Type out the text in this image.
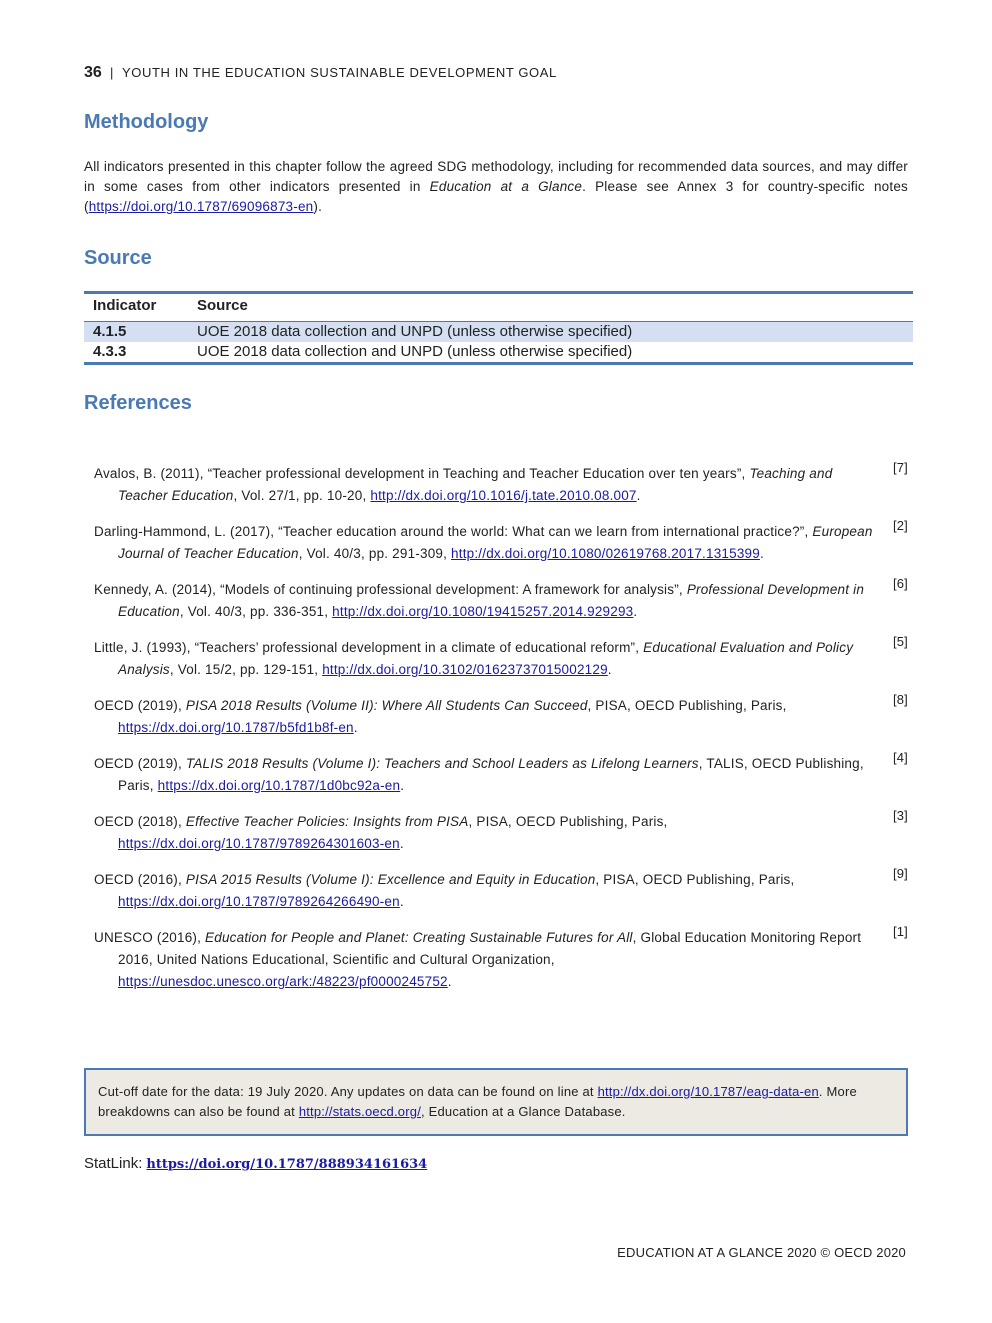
36 | YOUTH IN THE EDUCATION SUSTAINABLE DEVELOPMENT GOAL
Methodology
All indicators presented in this chapter follow the agreed SDG methodology, including for recommended data sources, and may differ in some cases from other indicators presented in Education at a Glance. Please see Annex 3 for country-specific notes (https://doi.org/10.1787/69096873-en).
Source
Indicator	Source
4.1.5	UOE 2018 data collection and UNPD (unless otherwise specified)
4.3.3	UOE 2018 data collection and UNPD (unless otherwise specified)
References
Avalos, B. (2011), “Teacher professional development in Teaching and Teacher Education over ten years”, Teaching and Teacher Education, Vol. 27/1, pp. 10-20, http://dx.doi.org/10.1016/j.tate.2010.08.007.
[7]
Darling-Hammond, L. (2017), “Teacher education around the world: What can we learn from international practice?”, European Journal of Teacher Education, Vol. 40/3, pp. 291-309, http://dx.doi.org/10.1080/02619768.2017.1315399.
[2]
Kennedy, A. (2014), “Models of continuing professional development: A framework for analysis”, Professional Development in Education, Vol. 40/3, pp. 336-351, http://dx.doi.org/10.1080/19415257.2014.929293.
[6]
Little, J. (1993), “Teachers’ professional development in a climate of educational reform”, Educational Evaluation and Policy Analysis, Vol. 15/2, pp. 129-151, http://dx.doi.org/10.3102/01623737015002129.
[5]
OECD (2019), PISA 2018 Results (Volume II): Where All Students Can Succeed, PISA, OECD Publishing, Paris, https://dx.doi.org/10.1787/b5fd1b8f-en.
[8]
OECD (2019), TALIS 2018 Results (Volume I): Teachers and School Leaders as Lifelong Learners, TALIS, OECD Publishing, Paris, https://dx.doi.org/10.1787/1d0bc92a-en.
[4]
OECD (2018), Effective Teacher Policies: Insights from PISA, PISA, OECD Publishing, Paris, https://dx.doi.org/10.1787/9789264301603-en.
[3]
OECD (2016), PISA 2015 Results (Volume I): Excellence and Equity in Education, PISA, OECD Publishing, Paris, https://dx.doi.org/10.1787/9789264266490-en.
[9]
UNESCO (2016), Education for People and Planet: Creating Sustainable Futures for All, Global Education Monitoring Report 2016, United Nations Educational, Scientific and Cultural Organization, https://unesdoc.unesco.org/ark:/48223/pf0000245752.
[1]
Cut-off date for the data: 19 July 2020. Any updates on data can be found on line at http://dx.doi.org/10.1787/eag-data-en. More breakdowns can also be found at http://stats.oecd.org/, Education at a Glance Database.
StatLink: https://doi.org/10.1787/888934161634
EDUCATION AT A GLANCE 2020 © OECD 2020
